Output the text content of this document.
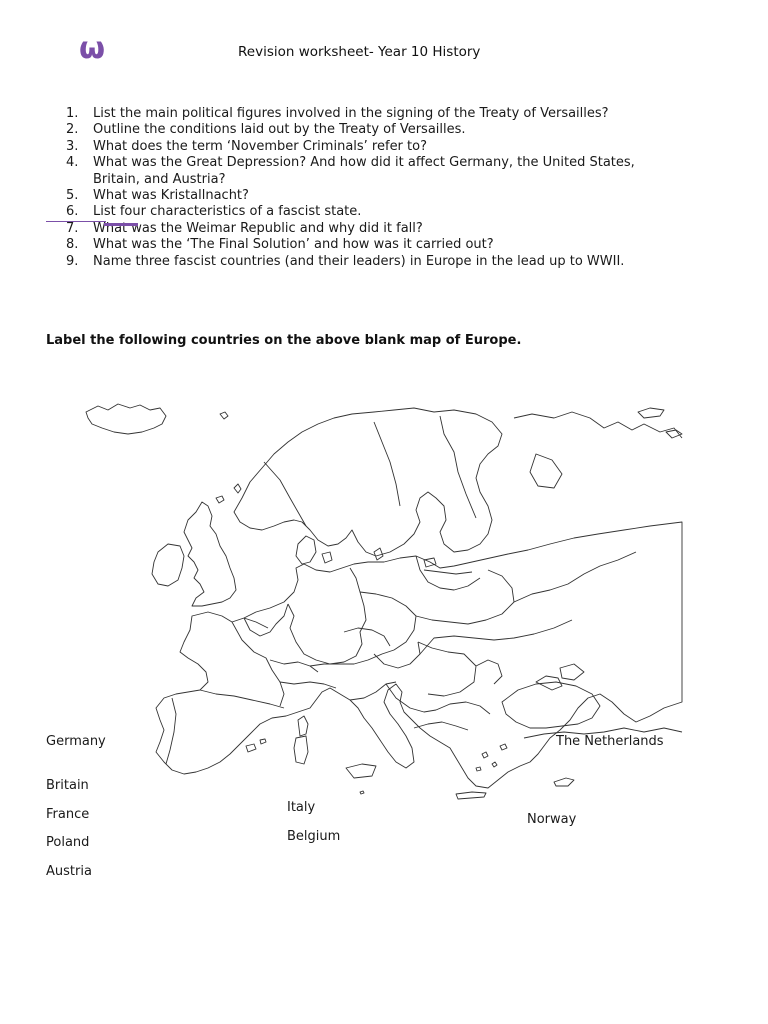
ω	Revision worksheet- Year 10 History
1.	List the main political figures involved in the signing of the Treaty of Versailles?
2.	Outline the conditions laid out by the Treaty of Versailles.
3.	What does the term ‘November Criminals’ refer to?
4.	What was the Great Depression? And how did it affect Germany, the United States,
Britain, and Austria?
5.	What was Kristallnacht?
6.	List four characteristics of a fascist state.
7.	What was the Weimar Republic and why did it fall?
8.	What was the ‘The Final Solution’ and how was it carried out?
9.	Name three fascist countries (and their leaders) in Europe in the lead up to WWII.
Label the following countries on the above blank map of Europe.
Germany
Britain
France
Poland
Austria
Italy
Belgium
The Netherlands
Norway
